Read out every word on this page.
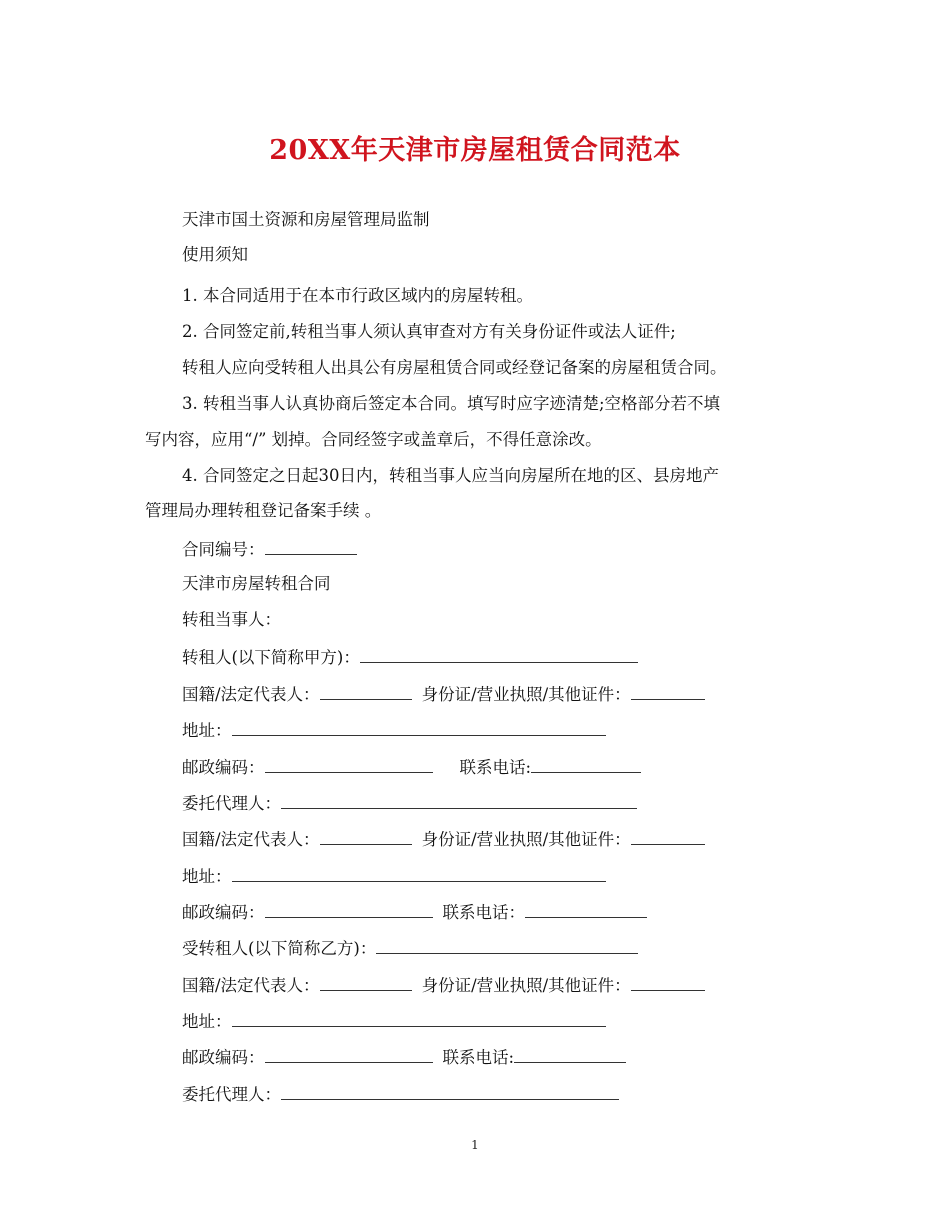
20XX年天津市房屋租赁合同范本
天津市国土资源和房屋管理局监制
使用须知
1. 本合同适用于在本市行政区域内的房屋转租。
2. 合同签定前,转租当事人须认真审查对方有关身份证件或法人证件;
转租人应向受转租人出具公有房屋租赁合同或经登记备案的房屋租赁合同。
3. 转租当事人认真协商后签定本合同。填写时应字迹清楚;空格部分若不填
写内容，应用“/” 划掉。合同经签字或盖章后，不得任意涂改。
4. 合同签定之日起30日内，转租当事人应当向房屋所在地的区、县房地产
管理局办理转租登记备案手续 。
合同编号：
天津市房屋转租合同
转租当事人：
转租人(以下简称甲方)：
国籍/法定代表人：	身份证/营业执照/其他证件：
地址：
邮政编码：	联系电话:
委托代理人：
国籍/法定代表人：	身份证/营业执照/其他证件：
地址：
邮政编码：	联系电话：
受转租人(以下简称乙方)：
国籍/法定代表人：	身份证/营业执照/其他证件：
地址：
邮政编码：	联系电话:
委托代理人：
1
